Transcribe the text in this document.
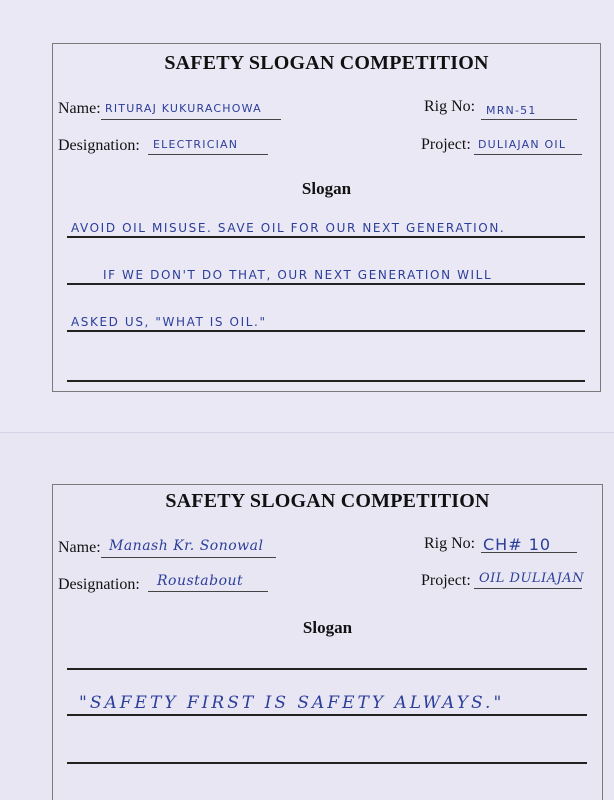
SAFETY SLOGAN COMPETITION
Name: RITURAJ KUKURACHOWA	Rig No: MRN-51
Designation: ELECTRICIAN	Project: DULIAJAN OIL
Slogan
AVOID OIL MISUSE. SAVE OIL FOR OUR NEXT GENERATION.
IF WE DON'T DO THAT, OUR NEXT GENERATION WILL
ASKED US, "WHAT IS OIL."
SAFETY SLOGAN COMPETITION
Name: Manash Kr. Sonowal	Rig No: CH# 10
Designation: Roustabout	Project: OIL DULIAJAN
Slogan
"SAFETY FIRST IS SAFETY ALWAYS."
